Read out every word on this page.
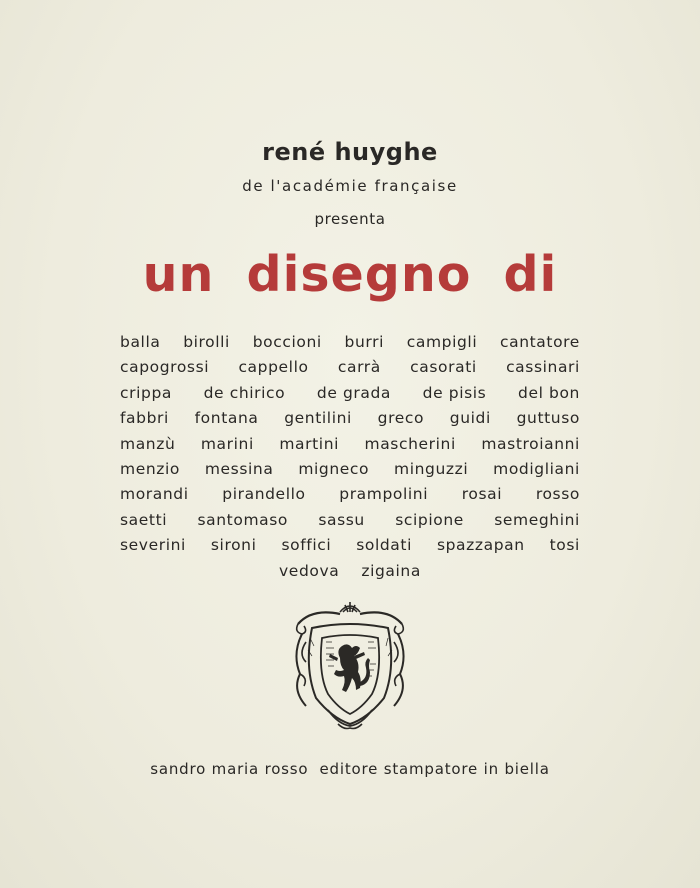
rené huyghe
de l'académie française
presenta
un disegno di
balla birolli boccioni burri campigli cantatore
capogrossi cappello carrà casorati cassinari
crippa de chirico de grada de pisis del bon
fabbri fontana gentilini greco guidi guttuso
manzù marini martini mascherini mastroianni
menzio messina migneco minguzzi modigliani
morandi pirandello prampolini rosai rosso
saetti santomaso sassu scipione semeghini
severini sironi soffici soldati spazzapan tosi
vedova zigaina
sandro maria rosso  editore stampatore in biella
